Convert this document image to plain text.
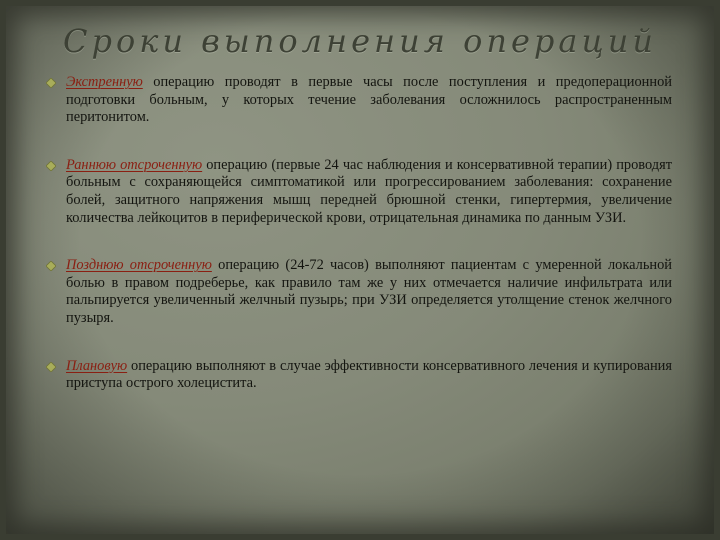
Сроки выполнения операций
Экстренную операцию проводят в первые часы после поступления и предоперационной подготовки больным, у которых течение заболевания осложнилось распространенным перитонитом.
Раннюю отсроченную операцию (первые 24 час наблюдения и консервативной терапии) проводят больным с сохраняющейся симптоматикой или прогрессированием заболевания: сохранение болей, защитного напряжения мышц передней брюшной стенки, гипертермия, увеличение количества лейкоцитов в периферической крови, отрицательная динамика по данным УЗИ.
Позднюю отсроченную операцию (24-72 часов) выполняют пациентам с умеренной локальной болью в правом подреберье, как правило там же у них отмечается наличие инфильтрата или пальпируется увеличенный желчный пузырь; при УЗИ определяется утолщение стенок желчного пузыря.
Плановую операцию выполняют в случае эффективности консервативного лечения и купирования приступа острого холецистита.
